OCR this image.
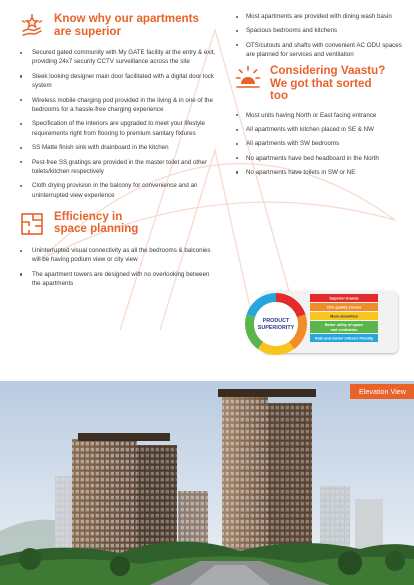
Know why our apartments
are superior
Secured gated community with My GATE facility at the entry & exit, providing 24x7 security CCTV surveillance across the site
Sleek looking designer main door facilitated with a digital door lock system
Wireless mobile charging pod provided in the living & in one of the bedrooms for a hassle-free charging experience
Specification of the interiors are upgraded to meet your lifestyle requirements right from flooring to premium sanitary fixtures
SS Matte finish sink with drainboard in the kitchen
Pest-free SS gratings are provided in the master toilet and other toilets/kitchen respectively
Cloth drying provision in the balcony for convenience and an uninterrupted view experience
Efficiency in
space planning
Uninterrupted visual connectivity as all the bedrooms & balconies will be having podium view or city view
The apartment towers are designed with no overlooking between the apartments
Most apartments are provided with dining wash basin
Spacious bedrooms and kitchens
OTS/cutouts and shafts with convenient AC ODU spaces are planned for services and ventilation
Considering Vaastu?
We got that sorted
too
Most units having North or East facing entrance
All apartments with kitchen placed in SE & NW
All apartments with SW bedrooms
No apartments have bed headboard in the North
No apartments have toilets in SW or NE
PRODUCT
SUPERIORITY
Superior brands
22% quality checks
More amenities
Better utility of space
and ventilation
Kids and senior citizens friendly
Elevation View
